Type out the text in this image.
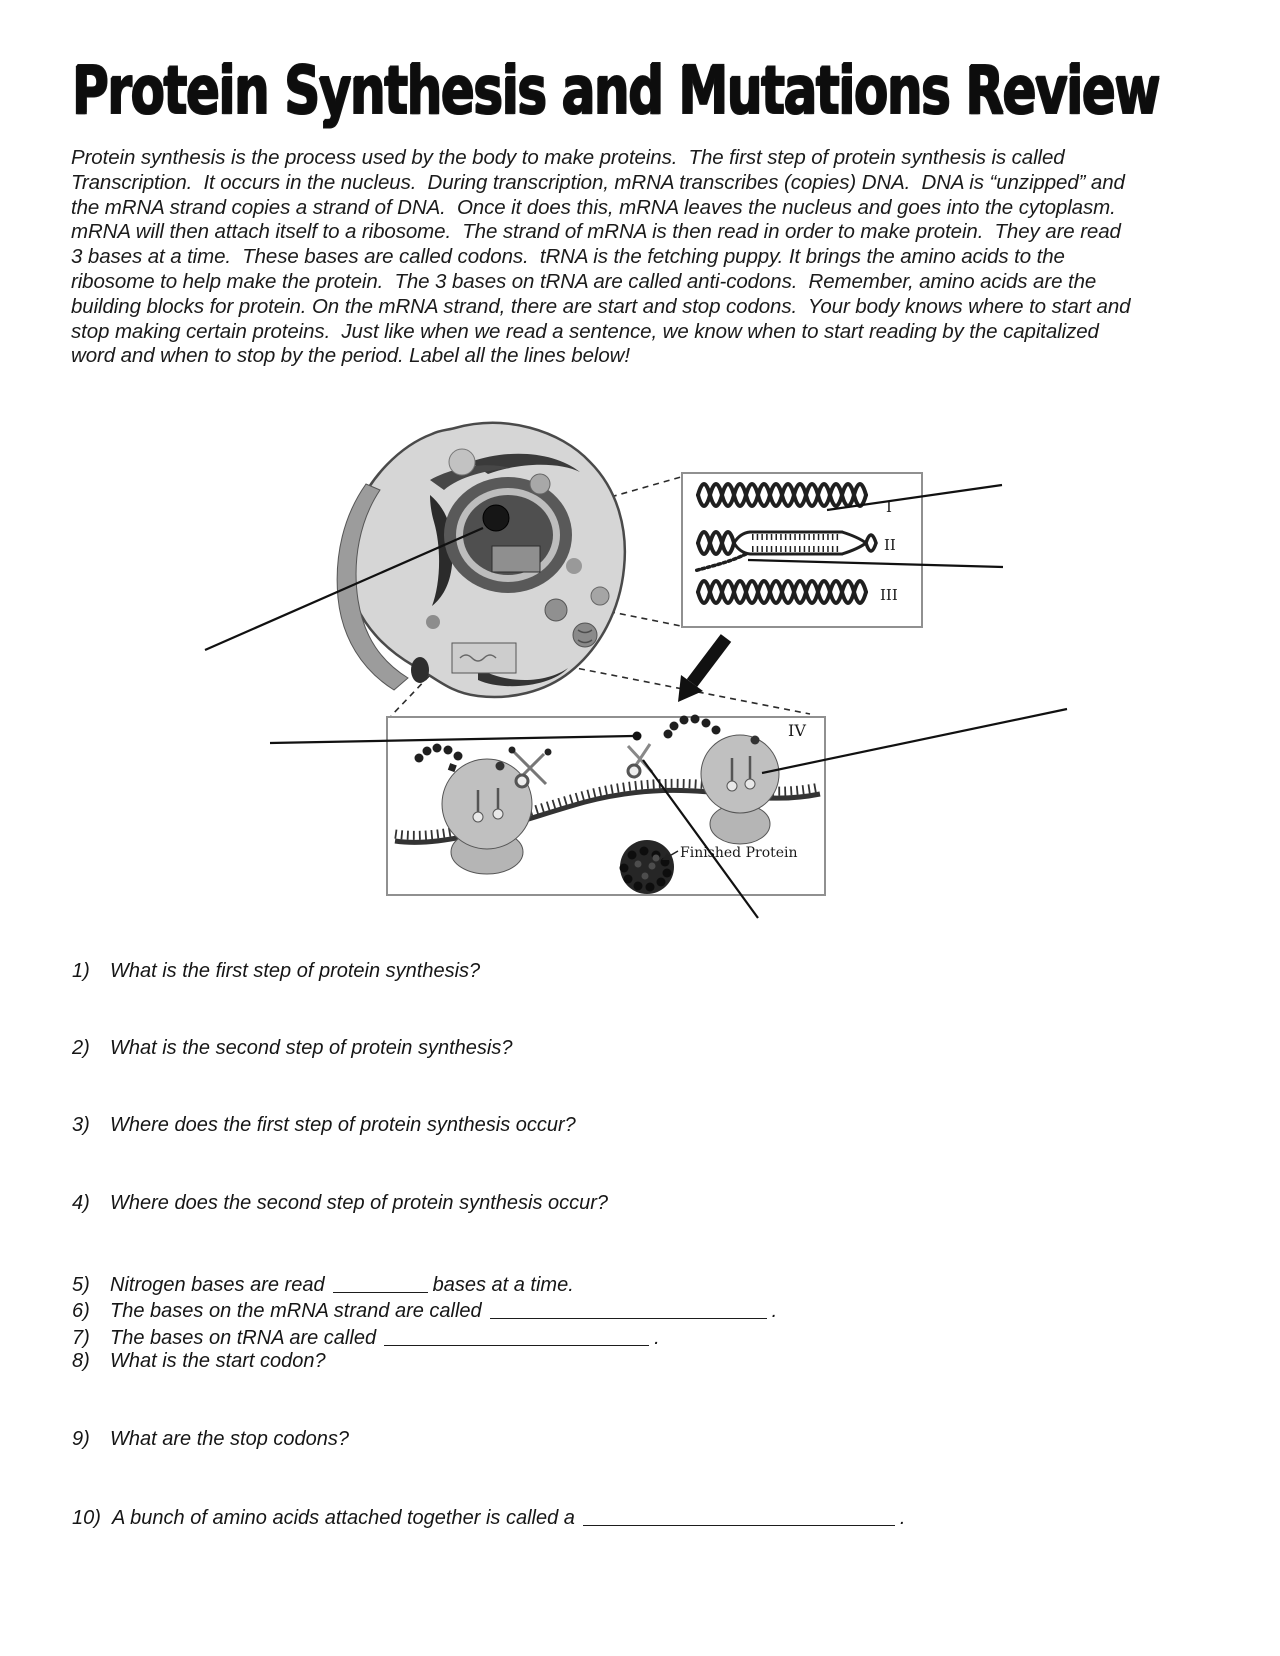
Protein Synthesis and Mutations Review

Protein synthesis is the process used by the body to make proteins.  The first step of protein synthesis is called Transcription.  It occurs in the nucleus.  During transcription, mRNA transcribes (copies) DNA.  DNA is “unzipped” and the mRNA strand copies a strand of DNA.  Once it does this, mRNA leaves the nucleus and goes into the cytoplasm. mRNA will then attach itself to a ribosome.  The strand of mRNA is then read in order to make protein.  They are read 3 bases at a time.  These bases are called codons.  tRNA is the fetching puppy. It brings the amino acids to the ribosome to help make the protein.  The 3 bases on tRNA are called anti-codons.  Remember, amino acids are the building blocks for protein. On the mRNA strand, there are start and stop codons.  Your body knows where to start and stop making certain proteins.  Just like when we read a sentence, we know when to start reading by the capitalized word and when to stop by the period. Label all the lines below!

I
II
III
IV
Finished Protein
1) What is the first step of protein synthesis?
2) What is the second step of protein synthesis?
3) Where does the first step of protein synthesis occur?
4) Where does the second step of protein synthesis occur?
5) Nitrogen bases are read	bases at a time.
6) The bases on the mRNA strand are called	.
7) The bases on tRNA are called	.
8) What is the start codon?
9) What are the stop codons?
10) A bunch of amino acids attached together is called a	.
